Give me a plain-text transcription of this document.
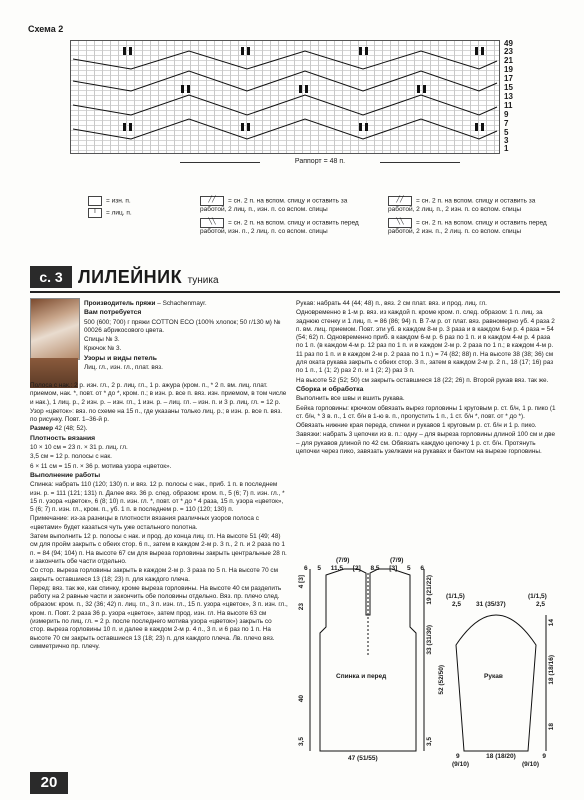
Схема 2
49
23
21
19
17
15
13
11
9
7
5
3
1
Раппорт = 48 п.
= изн. п.
I = лиц. п.
╱╱ = сн. 2 п. на вспом. спицу и оставить за работой, 2 лиц. п., изн. п. со вспом. спицы
╲╲ = сн. 2 п. на вспом. спицу и оставить перед работой, изн. п., 2 лиц. п. со вспом. спицы
╱╱ = сн. 2 п. на вспом. спицу и оставить за работой, 2 лиц. п., 2 изн. п. со вспом. спицы
╲╲ = сн. 2 п. на вспом. спицу и оставить перед работой, 2 изн. п., 2 лиц. п. со вспом. спицы
с. 3 ЛИЛЕЙНИК туника

Производитель пряжи – Schachenmayr.

Вам потребуется

500 (600; 700) г пряжи COTTON ECO (100% хлопок; 50 г/130 м) № 00026 абрикосового цвета.

Спицы № 3.

Крючок № 3.

Узоры и виды петель

Лиц. гл., изн. гл., плат. вяз.

Полоса с нак.: 2 р. изн. гл., 2 р. лиц. гл., 1 р. ажура (кром. п., * 2 п. вм. лиц. плат. приемом, нак. *, повт. от * до *, кром. п.; в изн. р. все п. вяз. изн. приемом, в том числе и нак.), 1 лиц. р., 2 изн. р. – изн. гл., 1 изн. р. – лиц. гл. – изн. п. и 3 р. лиц. гл. = 12 р.

Узор «цветок»: вяз. по схеме на 15 п., где указаны только лиц. р.; в изн. р. все п. вяз. по рисунку. Повт. 1–36-й р.

Размер 42 (48; 52).

Плотность вязания

10 × 10 см = 23 п. × 31 р. лиц. гл.

3,5 см = 12 р. полосы с нак.

6 × 11 см = 15 п. × 36 р. мотива узора «цветок».

Выполнение работы

Спинка: набрать 110 (120; 130) п. и вяз. 12 р. полосы с нак., приб. 1 п. в последнем изн. р. = 111 (121; 131) п. Далее вяз. 36 р. след. образом: кром. п., 5 (6; 7) п. изн. гл., * 15 п. узора «цветок», 6 (8; 10) п. изн. гл. *, повт. от * до * 4 раза, 15 п. узора «цветок», 5 (6; 7) п. изн. гл., кром. п., уб. 1 п. в последнем р. = 110 (120; 130) п.

Примечание: из-за разницы в плотности вязания различных узоров полоса с «цветами» будет казаться чуть уже остального полотна.

Затем выполнить 12 р. полосы с нак. и прод. до конца лиц. гл. На высоте 51 (49; 48) см для пройм закрыть с обеих стор. 6 п., затем в каждом 2-м р. 3 п., 2 п. и 2 раза по 1 п. = 84 (94; 104) п. На высоте 67 см для выреза горловины закрыть центральные 28 п. и закончить обе части отдельно.

Со стор. выреза горловины закрыть в каждом 2-м р. 3 раза по 5 п. На высоте 70 см закрыть оставшиеся 13 (18; 23) п. для каждого плеча.

Перед: вяз. так же, как спинку, кроме выреза горловины. На высоте 40 см разделить работу на 2 равные части и закончить обе половины отдельно. Вяз. пр. плечо след. образом: кром. п., 32 (36; 42) п. лиц. гл., 3 п. изн. гл., 15 п. узора «цветок», 3 п. изн. гл., кром. п. Повт. 2 раза 36 р. узора «цветок», затем прод. изн. гл. На высоте 63 см (измерить по лиц. гл. = 2 р. после последнего мотива узора «цветок») закрыть со стор. выреза горловины 10 п. и далее в каждом 2-м р. 4 п., 3 п. и 6 раз по 1 п. На высоте 70 см закрыть оставшиеся 13 (18; 23) п. для каждого плеча. Лв. плечо вяз. симметрично пр. плечу.

Рукав: набрать 44 (44; 48) п., вяз. 2 см плат. вяз. и прод. лиц. гл.

Одновременно в 1-м р. вяз. из каждой п. кроме кром. п. след. образом: 1 п. лиц. за заднюю стенку и 1 лиц. п. = 86 (86; 94) п. В 7-м р. от плат. вяз. равномерно уб. 4 раза 2 п. вм. лиц. приемом. Повт. эти уб. в каждом 8-м р. 3 раза и в каждом 6-м р. 4 раза = 54 (54; 62) п. Одновременно приб. в каждом 6-м р. 6 раз по 1 п. и в каждом 4-м р. 4 раза по 1 п. (в каждом 4-м р. 12 раз по 1 п. и в каждом 2-м р. 2 раза по 1 п.; в каждом 4-м р. 11 раз по 1 п. и в каждом 2-м р. 2 раза по 1 п.) = 74 (82; 88) п. На высоте 38 (38; 36) см для оката рукава закрыть с обеих стор. 3 п., затем в каждом 2-м р. 2 п., 18 (17; 16) раз по 1 п., 1 (1; 2) раз 2 п. и 1 (2; 2) раз 3 п.

На высоте 52 (52; 50) см закрыть оставшиеся 18 (22; 26) п. Второй рукав вяз. так же.

Сборка и обработка

Выполнить все швы и вшить рукава.

Бейка горловины: крючком обвязать вырез горловины 1 круговым р. ст. б/н, 1 р. пико (1 ст. б/н, * 3 в. п., 1 ст. б/н в 1-ю в. п., пропустить 1 п., 1 ст. б/н *, повт. от * до *).

Обвязать нижние края переда, спинки и рукавов 1 круговым р. ст. б/н и 1 р. пико.

Завязки: набрать 3 цепочки из в. п.: одну – для выреза горловины длиной 100 см и две – для рукавов длиной по 42 см. Обвязать каждую цепочку 1 р. ст. б/н. Протянуть цепочки через пико, завязать узелками на рукавах и бантом на вырезе горловины.

(7/9)	(7/9)
6 5 11,5 [2] 8,5 [3] 5 6
4 [3]
23
40
3,5
19 (21/22)
33 (31/30)
52 (52/50)
3,5
Спинка и перед
47 (51/55)
Рукав
(1/1,5)
2,5 31 (35/37)
(1/1,5)
2,5
14
18 (18/16)
18
9	18 (18/20)	9
(9/10)	(9/10)
20
